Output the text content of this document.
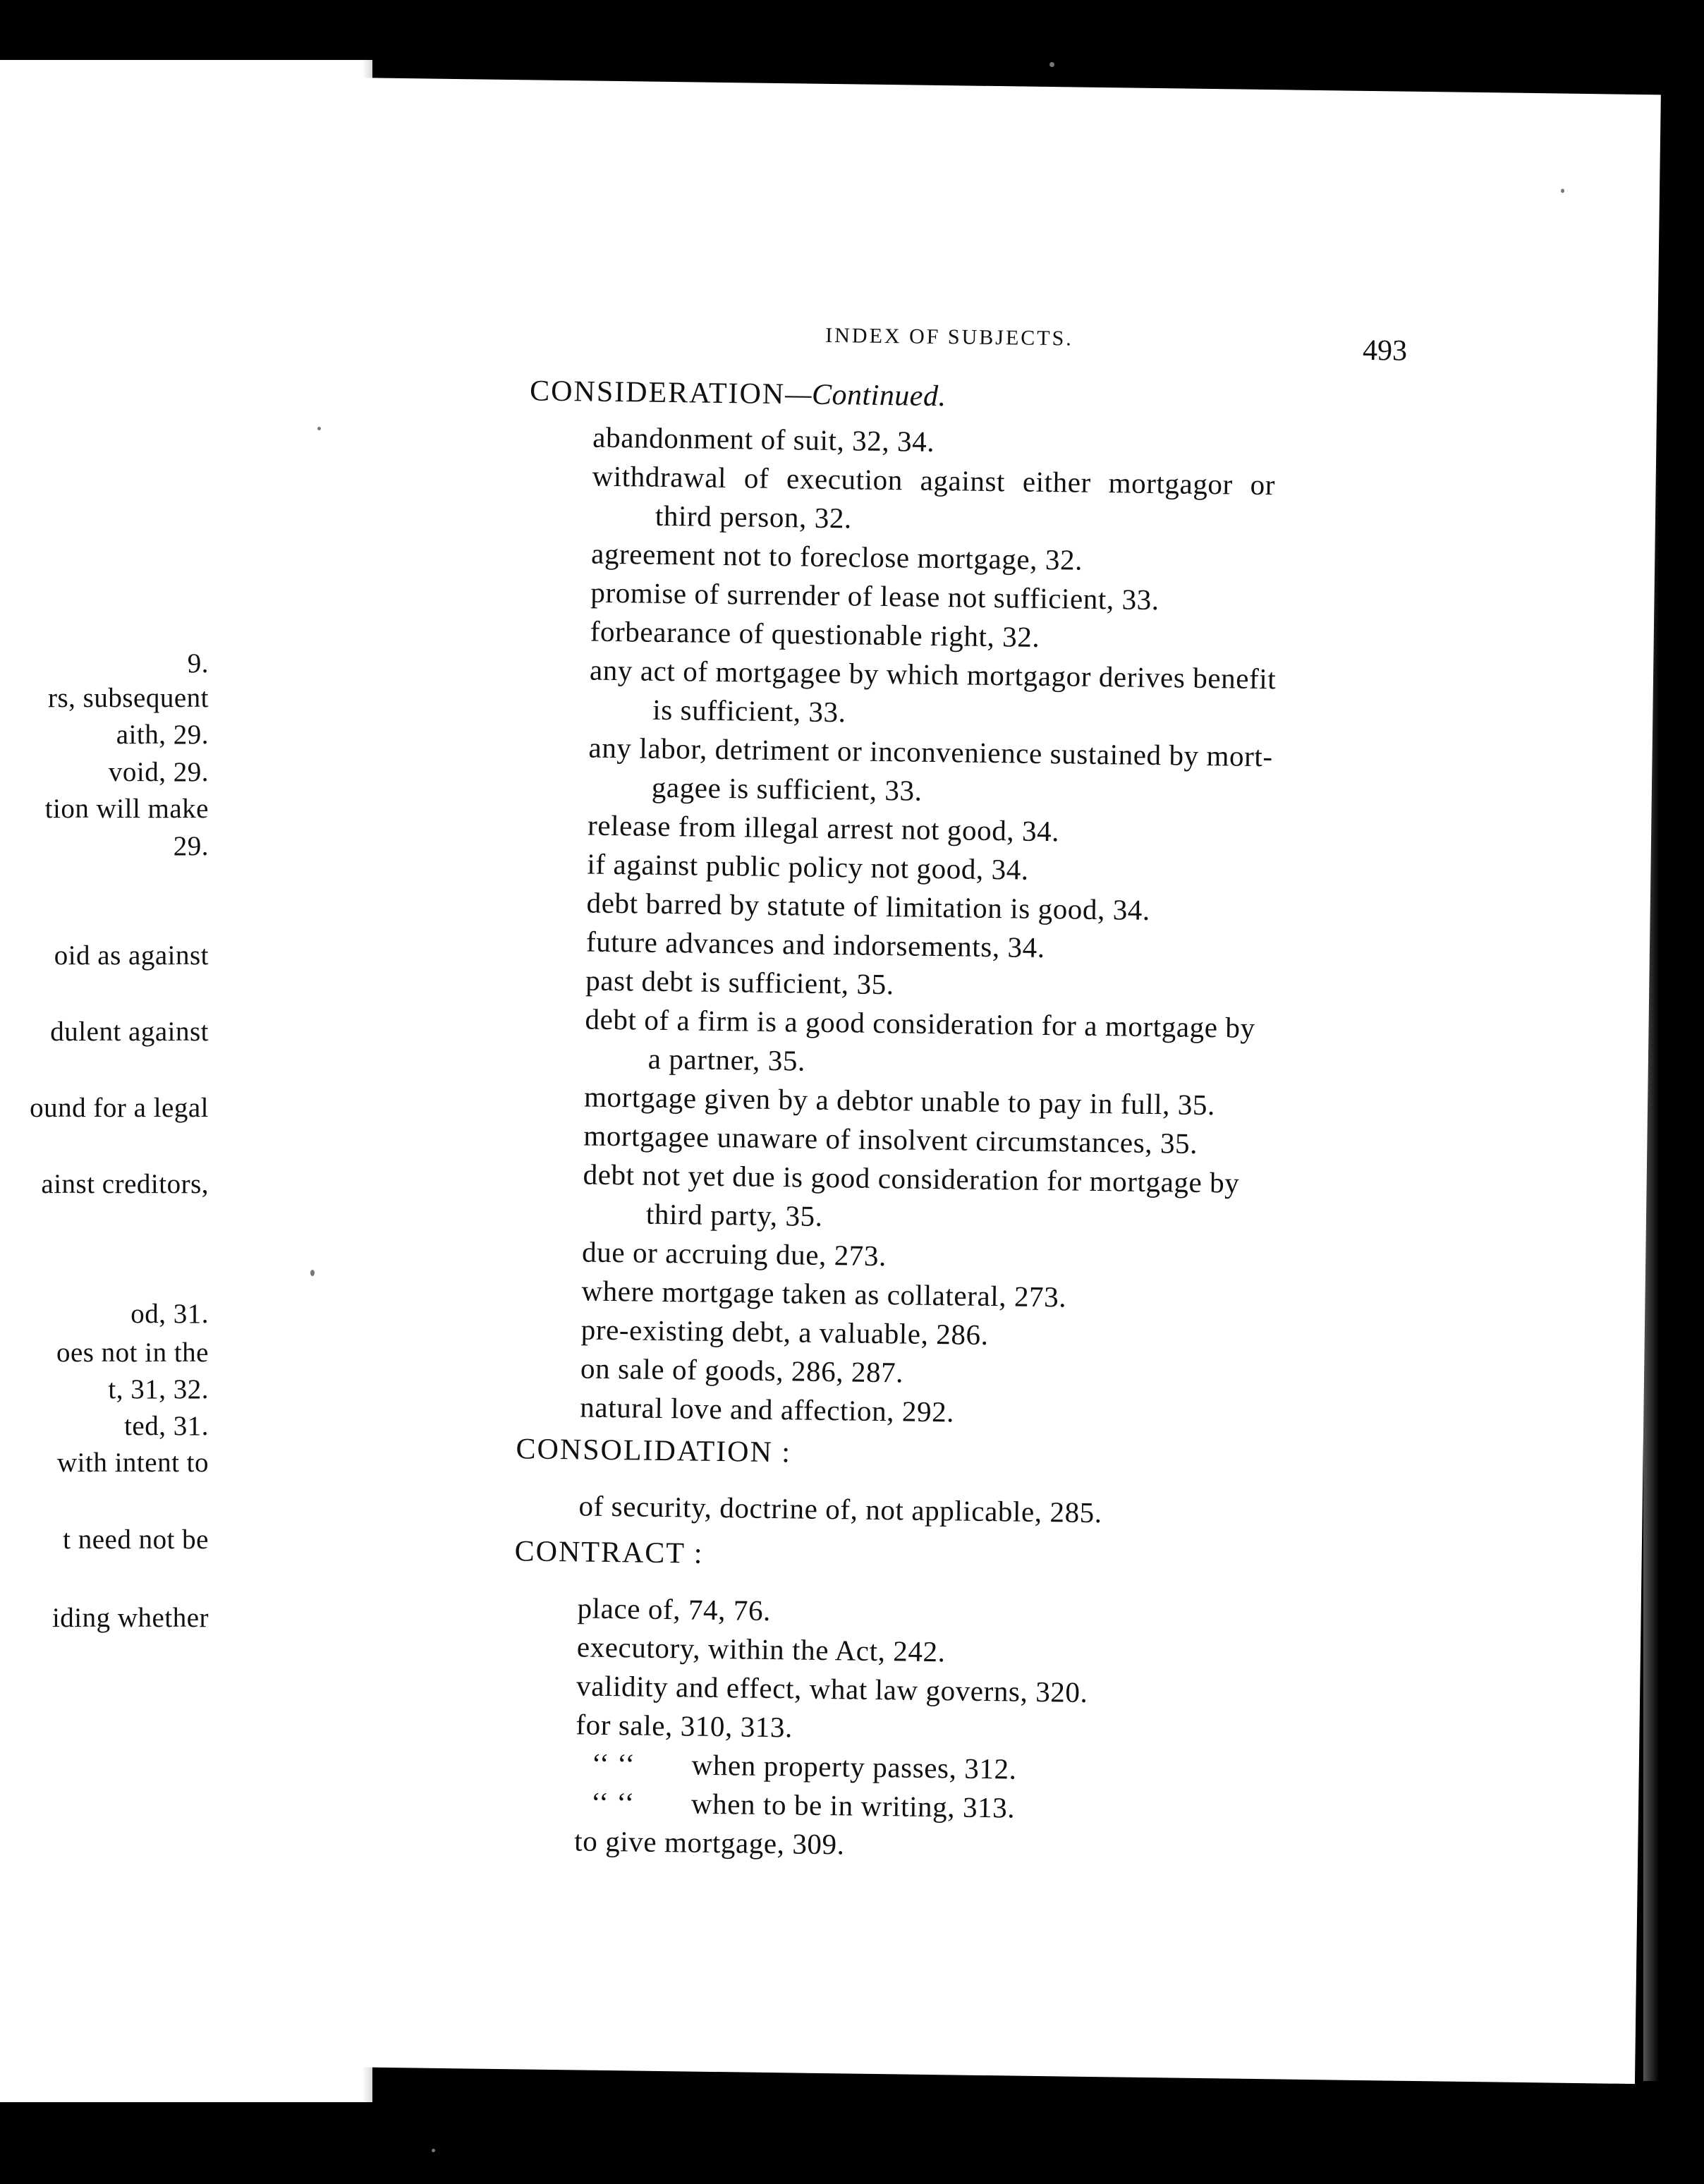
9.
rs, subsequent
aith, 29.
void, 29.
tion will make
29.
oid as against
dulent against
ound for a legal
ainst creditors,
od, 31.
oes not in the
t, 31, 32.
ted, 31.
with intent to
t need not be
iding whether
INDEX OF SUBJECTS.	493
CONSIDERATION—Continued.
abandonment of suit, 32, 34.
withdrawal of execution against either mortgagor or
third person, 32.
agreement not to foreclose mortgage, 32.
promise of surrender of lease not sufficient, 33.
forbearance of questionable right, 32.
any act of mortgagee by which mortgagor derives benefit
is sufficient, 33.
any labor, detriment or inconvenience sustained by mort-
gagee is sufficient, 33.
release from illegal arrest not good, 34.
if against public policy not good, 34.
debt barred by statute of limitation is good, 34.
future advances and indorsements, 34.
past debt is sufficient, 35.
debt of a firm is a good consideration for a mortgage by
a partner, 35.
mortgage given by a debtor unable to pay in full, 35.
mortgagee unaware of insolvent circumstances, 35.
debt not yet due is good consideration for mortgage by
third party, 35.
due or accruing due, 273.
where mortgage taken as collateral, 273.
pre-existing debt, a valuable, 286.
on sale of goods, 286, 287.
natural love and affection, 292.
CONSOLIDATION :
of security, doctrine of, not applicable, 285.
CONTRACT :
place of, 74, 76.
executory, within the Act, 242.
validity and effect, what law governs, 320.
for sale, 310, 313.
‘‘ ‘‘ when property passes, 312.
‘‘ ‘‘ when to be in writing, 313.
to give mortgage, 309.
